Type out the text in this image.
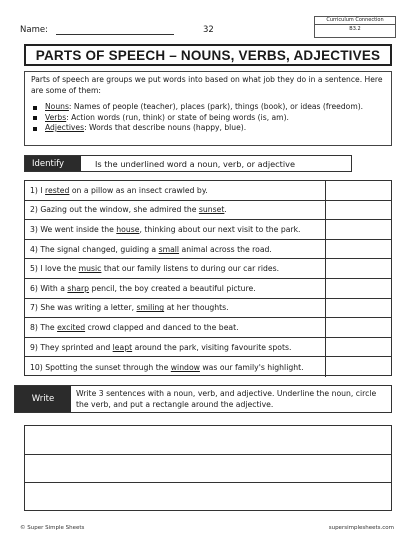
Name:	32
Curriculum Connection
B3.2
PARTS OF SPEECH – NOUNS, VERBS, ADJECTIVES

Parts of speech are groups we put words into based on what job they do in a sentence. Here are some of them:

Nouns: Names of people (teacher), places (park), things (book), or ideas (freedom).
Verbs: Action words (run, think) or state of being words (is, am).
Adjectives: Words that describe nouns (happy, blue).
Identify	Is the underlined word a noun, verb, or adjective
1) I rested on a pillow as an insect crawled by.
2) Gazing out the window, she admired the sunset.
3) We went inside the house, thinking about our next visit to the park.
4) The signal changed, guiding a small animal across the road.
5) I love the music that our family listens to during our car rides.
6) With a sharp pencil, the boy created a beautiful picture.
7) She was writing a letter, smiling at her thoughts.
8) The excited crowd clapped and danced to the beat.
9) They sprinted and leapt around the park, visiting favourite spots.
10) Spotting the sunset through the window was our family's highlight.
Write
Write 3 sentences with a noun, verb, and adjective. Underline the noun, circle the verb, and put a rectangle around the adjective.
© Super Simple Sheets	supersimplesheets.com
